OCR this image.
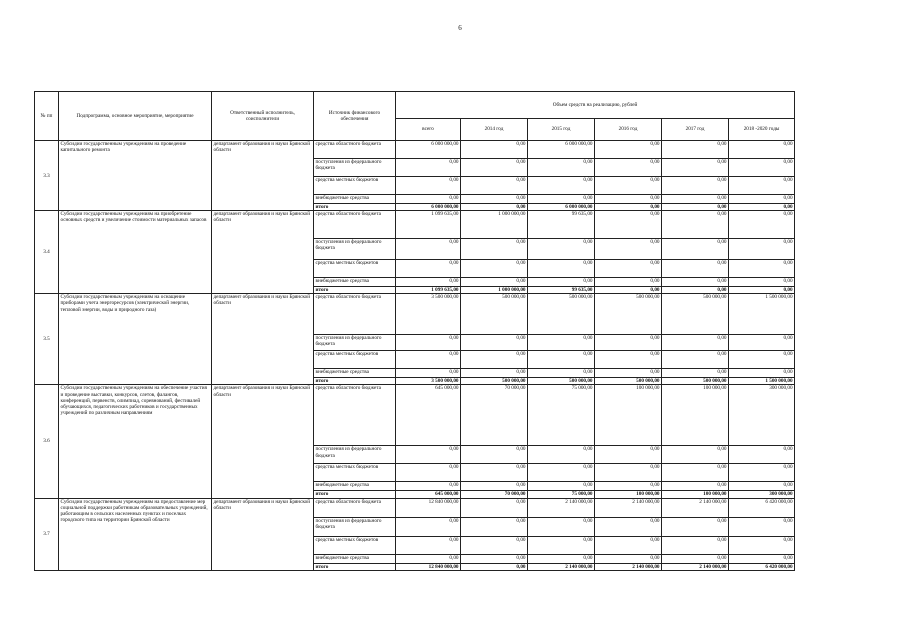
6
№ пп	Подпрограмма, основное мероприятие, мероприятие	Ответственный исполнитель, соисполнители	Источник финансового обеспечения	Объем средств на реализацию, рублей					
				всего	2014 год	2015 год	2016 год	2017 год	2018 -2020 годы
3.3	Субсидии государственным учреждениям на проведение капитального ремонта	департамент образования и науки Брянской области	средства областного бюджета	6 000 000,00	0,00	6 000 000,00	0,00	0,00	0,00
			поступления из федерального бюджета	0,00	0,00	0,00	0,00	0,00	0,00
			средства местных бюджетов	0,00	0,00	0,00	0,00	0,00	0,00
			внебюджетные средства	0,00	0,00	0,00	0,00	0,00	0,00
			итого	6 000 000,00	0,00	6 000 000,00	0,00	0,00	0,00
3.4	Субсидии государственным учреждениям на приобретение основных средств и увеличение стоимости материальных запасов	департамент образования и науки Брянской области	средства областного бюджета	1 099 635,00	1 000 000,00	99 635,00	0,00	0,00	0,00
			поступления из федерального бюджета	0,00	0,00	0,00	0,00	0,00	0,00
			средства местных бюджетов	0,00	0,00	0,00	0,00	0,00	0,00
			внебюджетные средства	0,00	0,00	0,00	0,00	0,00	0,00
			итого	1 099 635,00	1 000 000,00	99 635,00	0,00	0,00	0,00
3.5	Субсидии государственным учреждениям на оснащение приборами учета энергоресурсов (электрической энергии, тепловой энергии, воды и природного газа)	департамент образования и науки Брянской области	средства областного бюджета	3 500 000,00	500 000,00	500 000,00	500 000,00	500 000,00	1 500 000,00
			поступления из федерального бюджета	0,00	0,00	0,00	0,00	0,00	0,00
			средства местных бюджетов	0,00	0,00	0,00	0,00	0,00	0,00
			внебюджетные средства	0,00	0,00	0,00	0,00	0,00	0,00
			итого	3 500 000,00	500 000,00	500 000,00	500 000,00	500 000,00	1 500 000,00
3.6	Субсидии государственным учреждениям на обеспечение участия и проведение выставки, конкурсов, слетов, фалангов, конференций, первенств, олимпиад, соревнований, фестивалей обучающихся, педагогических работников и государственных учреждений по различным направлениям	департамент образования и науки Брянской области	средства областного бюджета	645 000,00	70 000,00	75 000,00	100 000,00	100 000,00	300 000,00
			поступления из федерального бюджета	0,00	0,00	0,00	0,00	0,00	0,00
			средства местных бюджетов	0,00	0,00	0,00	0,00	0,00	0,00
			внебюджетные средства	0,00	0,00	0,00	0,00	0,00	0,00
			итого	645 000,00	70 000,00	75 000,00	100 000,00	100 000,00	300 000,00
3.7	Субсидии государственным учреждениям на предоставление мер социальной поддержки работникам образовательных учреждений, работающим в сельских населенных пунктах и поселках городского типа на территории Брянской области	департамент образования и науки Брянской области	средства областного бюджета	12 840 000,00	0,00	2 140 000,00	2 140 000,00	2 140 000,00	6 420 000,00
			поступления из федерального бюджета	0,00	0,00	0,00	0,00	0,00	0,00
			средства местных бюджетов	0,00	0,00	0,00	0,00	0,00	0,00
			внебюджетные средства	0,00	0,00	0,00	0,00	0,00	0,00
			итого	12 840 000,00	0,00	2 140 000,00	2 140 000,00	2 140 000,00	6 420 000,00
